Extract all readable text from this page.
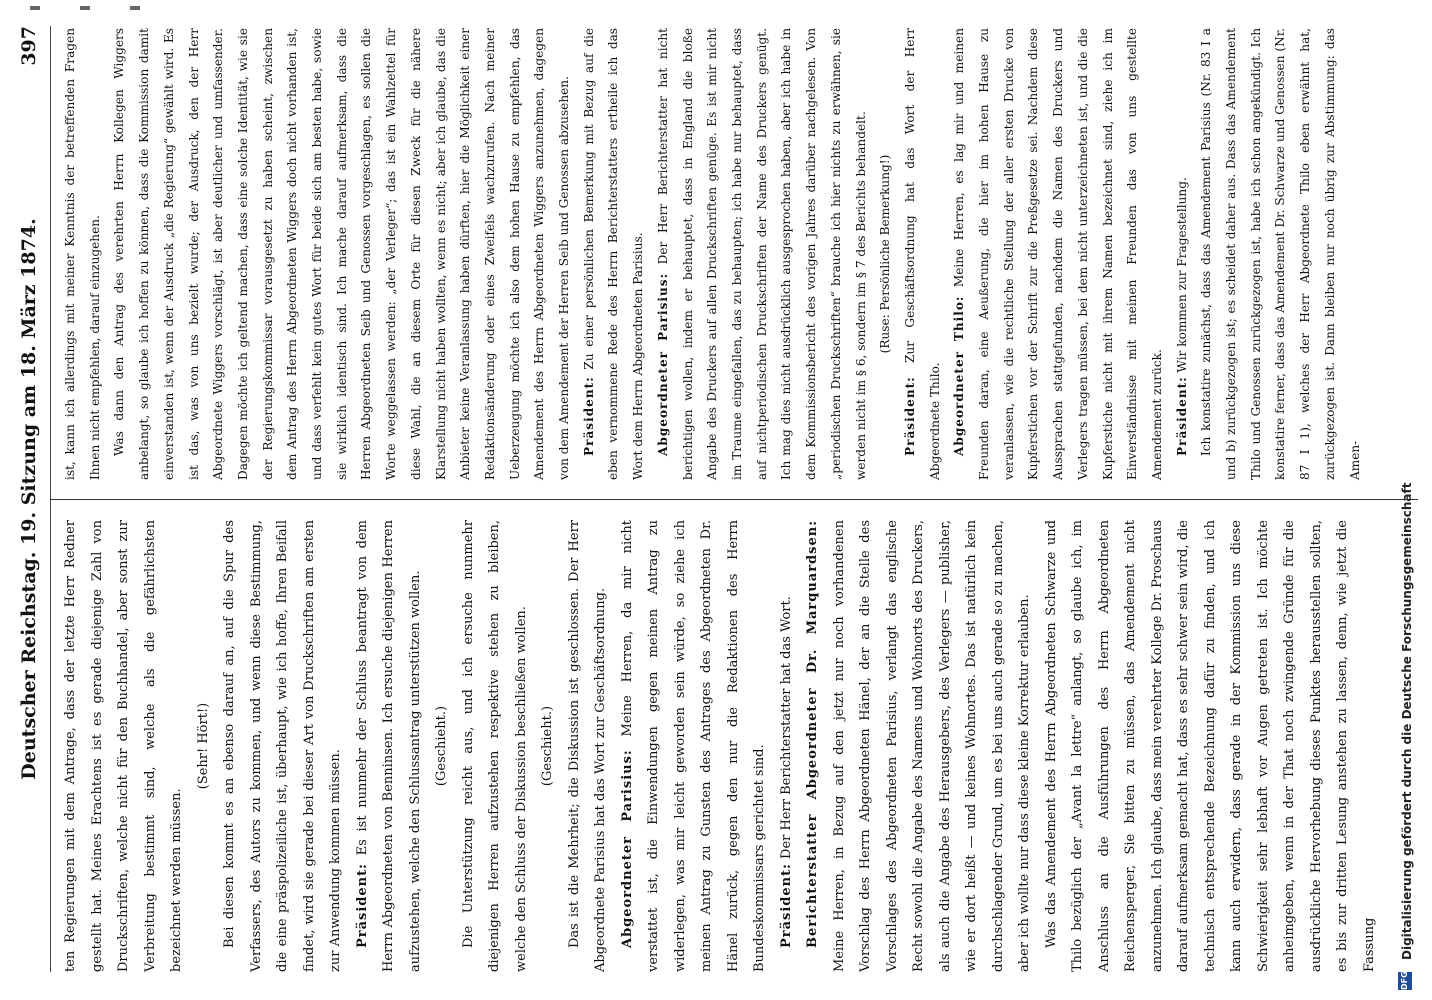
Deutscher Reichstag. 19. Sitzung am 18. März 1874.
397

ten Regierungen mit dem Antrage, dass der letzte Herr Redner gestellt hat. Meines Erachtens ist es gerade diejenige Zahl von Druckschriften, welche nicht für den Buchhandel, aber sonst zur Verbreitung bestimmt sind, welche als die gefährlichsten bezeichnet werden müssen.

(Sehr! Hört!) Bei diesen kommt es an ebenso darauf an, auf die Spur des Verfassers, des Autors zu kommen, und wenn diese Bestimmung, die eine präspolizeiliche ist, überhaupt, wie ich hoffe, Ihren Beifall findet, wird sie gerade bei dieser Art von Druckschriften am ersten zur Anwendung kommen müssen. Präsident: Es ist nunmehr der Schluss beantragt von dem Herrn Abgeordneten von Benninsen. Ich ersuche diejenigen Herren aufzustehen, welche den Schlussantrag unterstützen wollen. (Geschieht.) Die Unterstützung reicht aus, und ich ersuche nunmehr diejenigen Herren aufzustehen respektive stehen zu bleiben, welche den Schluss der Diskussion beschließen wollen. (Geschieht.) Das ist die Mehrheit; die Diskussion ist geschlossen. Der Herr Abgeordnete Parisius hat das Wort zur Geschäftsordnung. Abgeordneter Parisius: Meine Herren, da mir nicht verstattet ist, die Einwendungen gegen meinen Antrag zu widerlegen, was mir leicht geworden sein würde, so ziehe ich meinen Antrag zu Gunsten des Antrages des Abgeordneten Dr. Hänel zurück, gegen den nur die Redaktionen des Herrn Bundeskommissars gerichtet sind. Präsident: Der Herr Berichterstatter hat das Wort. Berichterstatter Abgeordneter Dr. Marquardsen: Meine Herren, in Bezug auf den jetzt nur noch vorhandenen Vorschlag des Herrn Abgeordneten Hänel, der an die Stelle des Vorschlages des Abgeordneten Parisius, verlangt das englische Recht sowohl die Angabe des Namens und Wohnorts des Druckers, als auch die Angabe des Herausgebers, des Verlegers — publisher, wie er dort heißt — und keines Wohnortes. Das ist natürlich kein durchschlagender Grund, um es bei uns auch gerade so zu machen, aber ich wollte nur dass diese kleine Korrektur erlauben. Was das Amendement des Herrn Abgeordneten Schwarze und Thilo bezüglich der „Avant la lettre“ anlangt, so glaube ich, im Anschluss an die Ausführungen des Herrn Abgeordneten Reichensperger, Sie bitten zu müssen, das Amendement nicht anzunehmen. Ich glaube, dass mein verehrter Kollege Dr. Proschaus darauf aufmerksam gemacht hat, dass es sehr schwer sein wird, die technisch entsprechende Bezeichnung dafür zu finden, und ich kann auch erwidern, dass gerade in der Kommission uns diese Schwierigkeit sehr lebhaft vor Augen getreten ist. Ich möchte anheimgeben, wenn in der That noch zwingende Gründe für die ausdrückliche Hervorhebung dieses Punktes herausstellen sollten, es bis zur dritten Lesung anstehen zu lassen, denn, wie jetzt die Fassung

ist, kann ich allerdings mit meiner Kenntnis der betreffenden Fragen Ihnen nicht empfehlen, darauf einzugehen. Was dann den Antrag des verehrten Herrn Kollegen Wiggers anbelangt, so glaube ich hoffen zu können, dass die Kommission damit einverstanden ist, wenn der Ausdruck „die Regierung“ gewählt wird. Es ist das, was von uns bezielt wurde; der Ausdruck, den der Herr Abgeordnete Wiggers vorschlägt, ist aber deutlicher und umfassender. Dagegen möchte ich geltend machen, dass eine solche Identität, wie sie der Regierungskommissar vorausgesetzt zu haben scheint, zwischen dem Antrag des Herrn Abgeordneten Wiggers doch nicht vorhanden ist, und dass verfehlt kein gutes Wort für beide sich am besten habe, sowie sie wirklich identisch sind. Ich mache darauf aufmerksam, dass die Herren Abgeordneten Seib und Genossen vorgeschlagen, es sollen die Worte weggelassen werden: „der Verleger“; das ist ein Wahlzettel für diese Wahl, die an diesem Orte für diesen Zweck für die nähere Klarstellung nicht haben wollten, wenn es nicht; aber ich glaube, das die Anbieter keine Veranlassung haben dürften, hier die Möglichkeit einer Redaktionsänderung oder eines Zweifels wachzurufen. Nach meiner Ueberzeugung möchte ich also dem hohen Hause zu empfehlen, das Amendement des Herrn Abgeordneten Wiggers anzunehmen, dagegen von dem Amendement der Herren Seib und Genossen abzusehen. Präsident: Zu einer persönlichen Bemerkung mit Bezug auf die eben vernommene Rede des Herrn Berichterstatters ertheile ich das Wort dem Herrn Abgeordneten Parisius. Abgeordneter Parisius: Der Herr Berichterstatter hat nicht berichtigen wollen, indem er behauptet, dass in England die bloße Angabe des Druckers auf allen Druckschriften genüge. Es ist mir nicht im Traume eingefallen, das zu behaupten; ich habe nur behauptet, dass auf nichtperiodischen Druckschriften der Name des Druckers genügt. Ich mag dies nicht ausdrücklich ausgesprochen haben, aber ich habe in dem Kommissionsbericht des vorigen Jahres darüber nachgelesen. Von „periodischen Druckschriften“ brauche ich hier nichts zu erwähnen, sie werden nicht im § 6, sondern im § 7 des Berichts behandelt. (Ruse: Persönliche Bemerkung!)

Präsident: Zur Geschäftsordnung hat das Wort der Herr Abgeordnete Thilo. Abgeordneter Thilo: Meine Herren, es lag mir und meinen Freunden daran, eine Aeußerung, die hier im hohen Hause zu veranlassen, wie die rechtliche Stellung der aller ersten Drucke von Kupferstichen vor der Schrift zur die Preßgesetze sei. Nachdem diese Aussprachen stattgefunden, nachdem die Namen des Druckers und Verlegers tragen müssen, bei dem nicht unterzeichneten ist, und die die Kupferstiche nicht mit ihrem Namen bezeichnet sind, ziehe ich im Einverständnisse mit meinen Freunden das von uns gestellte Amendement zurück. Präsident: Wir kommen zur Fragestellung. Ich konstatire zunächst, dass das Amendement Parisius (Nr. 83 I a und b) zurückgezogen ist; es scheidet daher aus. Dass das Amendement Thilo und Genossen zurückgezogen ist, habe ich schon angekündigt. Ich konstatire ferner, dass das Amendement Dr. Schwarze und Genossen (Nr. 87 I 1), welches der Herr Abgeordnete Thilo eben erwähnt hat, zurückgezogen ist. Dann bleiben nur noch übrig zur Abstimmung: das Amen-

DFG
Digitalisierung gefördert durch die Deutsche Forschungsgemeinschaft
